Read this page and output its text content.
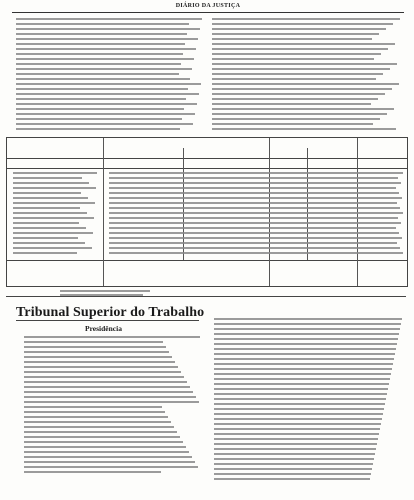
DIÁRIO DA JUSTIÇA
Tribunal Superior do Trabalho
Presidência
